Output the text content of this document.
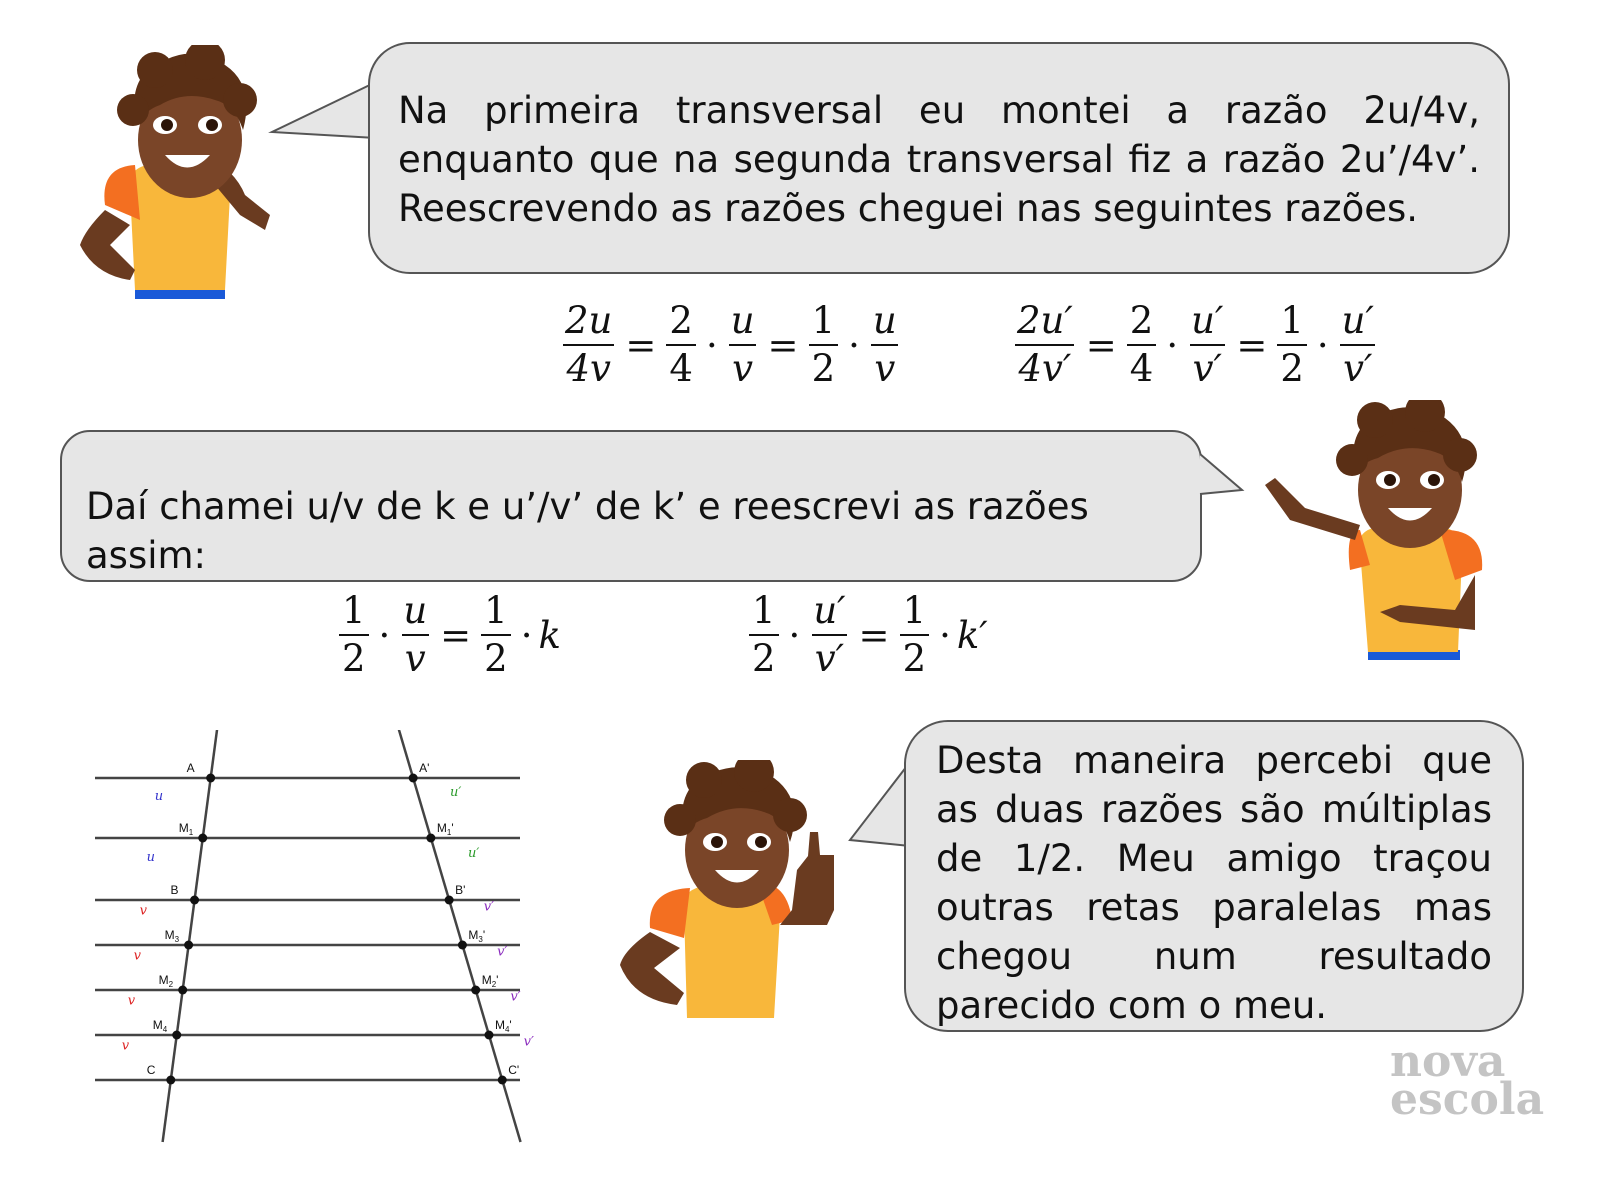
Na primeira transversal eu montei a razão 2u/4v, enquanto que na segunda transversal fiz a razão 2u’/4v’. Reescrevendo as razões cheguei nas seguintes razões.

$\frac{2u}{4v} = \frac{2}{4} \cdot \frac{u}{v} = \frac{1}{2} \cdot \frac{u}{v}$	$\frac{2u'}{4v'} = \frac{2}{4} \cdot \frac{u'}{v'} = \frac{1}{2} \cdot \frac{u'}{v'}$

Daí chamei u/v de k e u’/v’ de k’ e reescrevi as razões assim:

$\frac{1}{2} \cdot \frac{u}{v} = \frac{1}{2} \cdot k$	$\frac{1}{2} \cdot \frac{u'}{v'} = \frac{1}{2} \cdot k'$
A	A'
$M_1$	$M_1'$
B	B'
$M_3$	$M_3'$
$M_2$	$M_2'$
$M_4$	$M_4'$
C	C'
u	u′
u	u′
v	v′
v	v′
v	v′
v	v′

Desta maneira percebi que as duas razões são múltiplas de 1/2. Meu amigo traçou outras retas paralelas mas chegou num resultado parecido com o meu.

nova
escola
